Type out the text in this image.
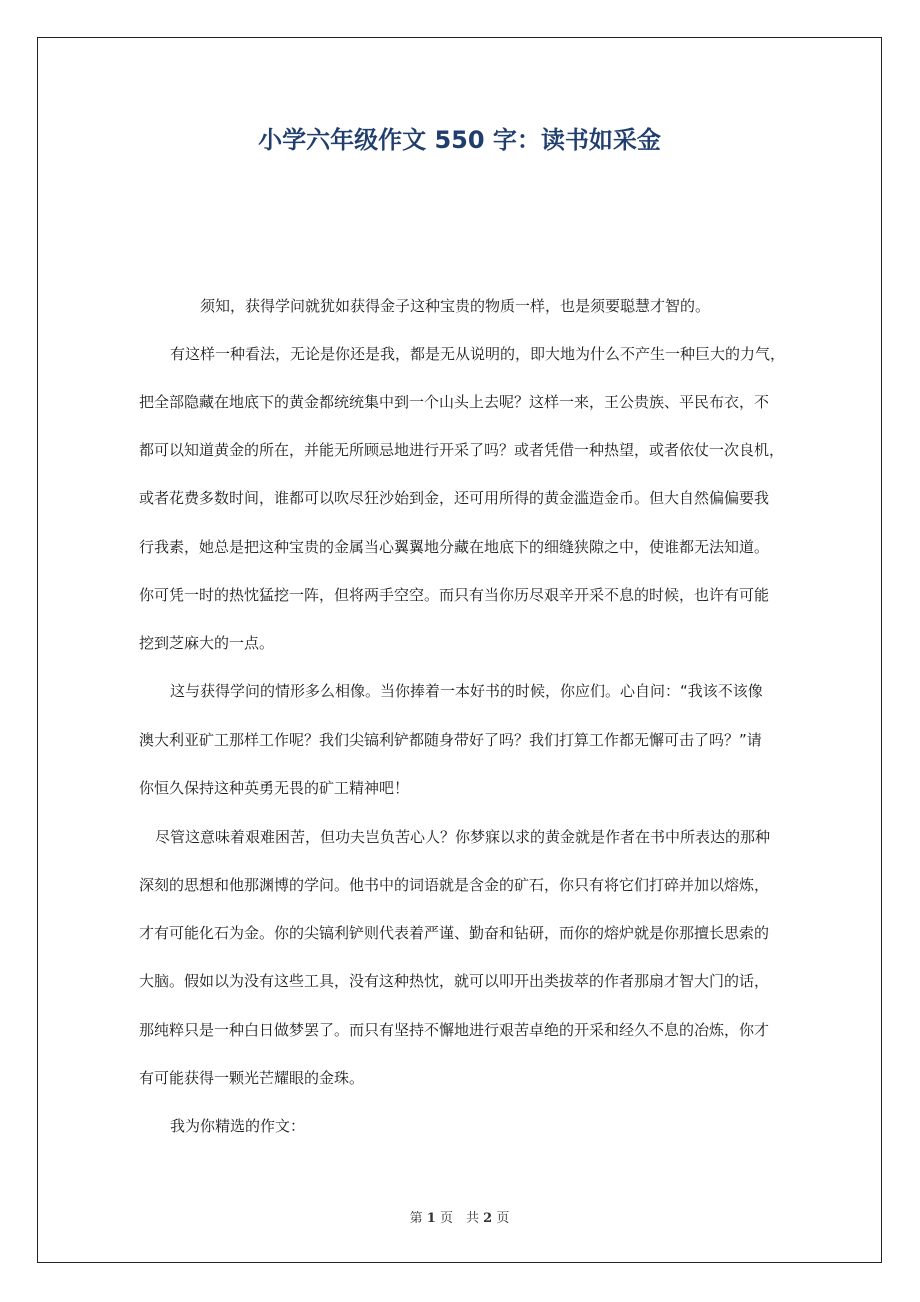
小学六年级作文 550 字：读书如采金
须知，获得学问就犹如获得金子这种宝贵的物质一样，也是须要聪慧才智的。
有这样一种看法，无论是你还是我，都是无从说明的，即大地为什么不产生一种巨大的力气，
把全部隐藏在地底下的黄金都统统集中到一个山头上去呢？这样一来，王公贵族、平民布衣，不
都可以知道黄金的所在，并能无所顾忌地进行开采了吗？或者凭借一种热望，或者依仗一次良机，
或者花费多数时间，谁都可以吹尽狂沙始到金，还可用所得的黄金滥造金币。但大自然偏偏要我
行我素，她总是把这种宝贵的金属当心翼翼地分藏在地底下的细缝狭隙之中，使谁都无法知道。
你可凭一时的热忱猛挖一阵，但将两手空空。而只有当你历尽艰辛开采不息的时候，也许有可能
挖到芝麻大的一点。
这与获得学问的情形多么相像。当你捧着一本好书的时候，你应们。心自问：“我该不该像
澳大利亚矿工那样工作呢？我们尖镐利铲都随身带好了吗？我们打算工作都无懈可击了吗？”请
你恒久保持这种英勇无畏的矿工精神吧！
尽管这意味着艰难困苦，但功夫岂负苦心人？你梦寐以求的黄金就是作者在书中所表达的那种
深刻的思想和他那渊博的学问。他书中的词语就是含金的矿石，你只有将它们打碎并加以熔炼，
才有可能化石为金。你的尖镐利铲则代表着严谨、勤奋和钻研，而你的熔炉就是你那擅长思索的
大脑。假如以为没有这些工具，没有这种热忱，就可以叩开出类拔萃的作者那扇才智大门的话，
那纯粹只是一种白日做梦罢了。而只有坚持不懈地进行艰苦卓绝的开采和经久不息的冶炼，你才
有可能获得一颗光芒耀眼的金珠。
我为你精选的作文：
第 1 页　共 2 页
